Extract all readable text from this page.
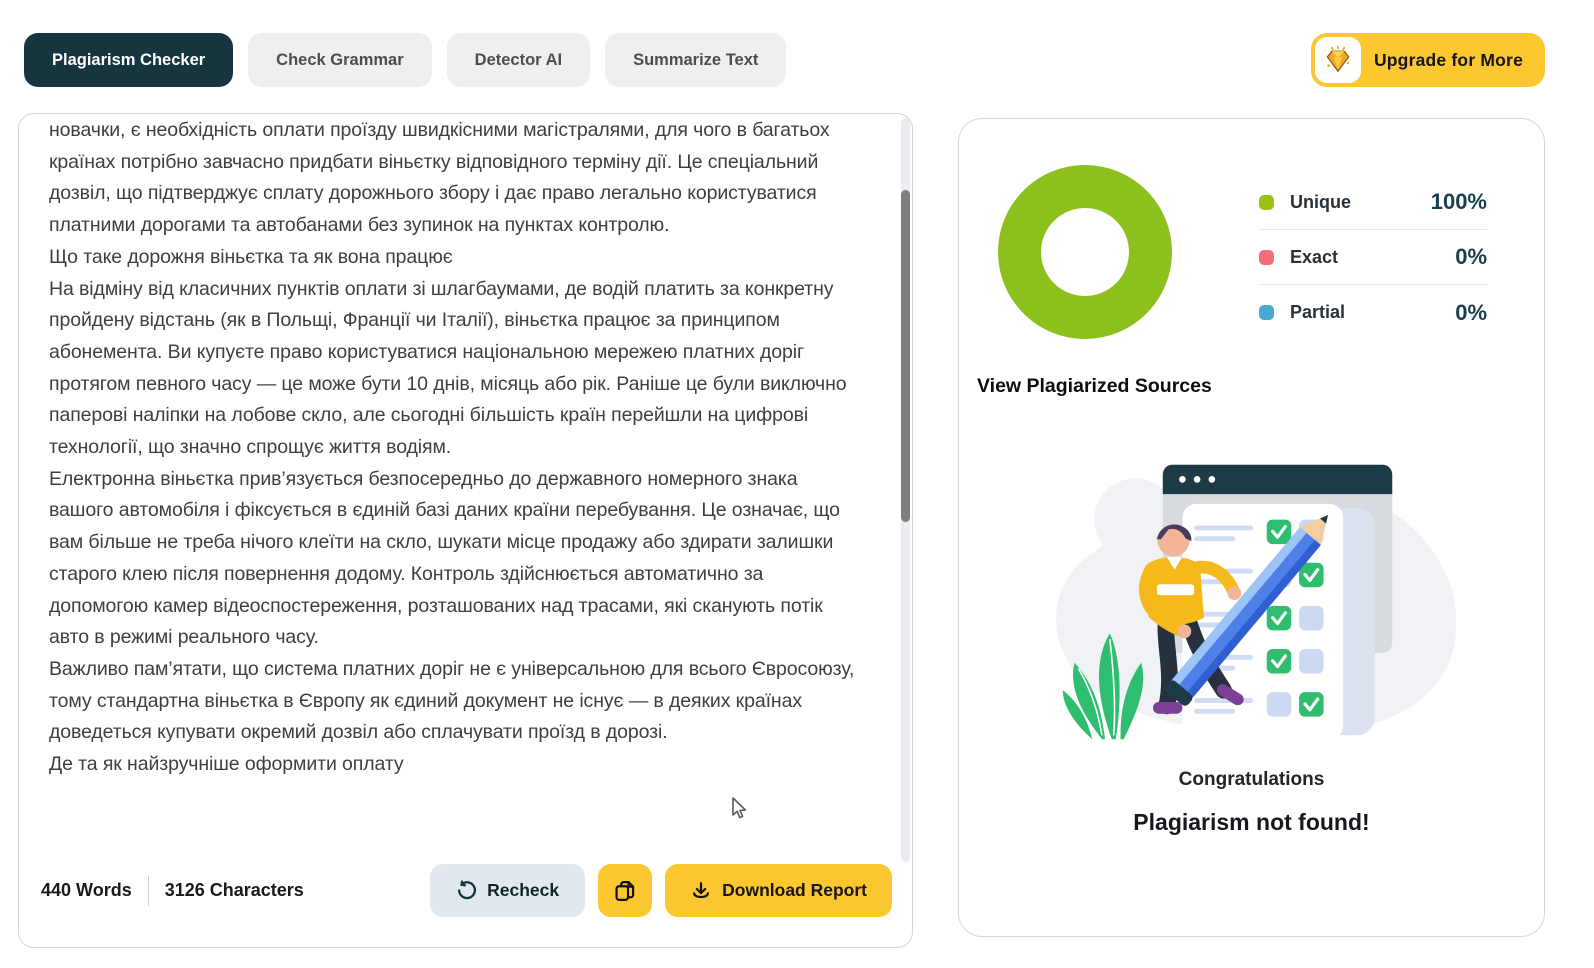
Plagiarism Checker	Check Grammar	Detector AI	Summarize Text	Upgrade for More

новачки, є необхідність оплати проїзду швидкісними магістралями, для чого в багатьох країнах потрібно завчасно придбати віньєтку відповідного терміну дії. Це спеціальний дозвіл, що підтверджує сплату дорожнього збору і дає право легально користуватися платними дорогами та автобанами без зупинок на пунктах контролю.

Що таке дорожня віньєтка та як вона працює

На відміну від класичних пунктів оплати зі шлагбаумами, де водій платить за конкретну пройдену відстань (як в Польщі, Франції чи Італії), віньєтка працює за принципом абонемента. Ви купуєте право користуватися національною мережею платних доріг протягом певного часу — це може бути 10 днів, місяць або рік. Раніше це були виключно паперові наліпки на лобове скло, але сьогодні більшість країн перейшли на цифрові технології, що значно спрощує життя водіям.

Електронна віньєтка прив’язується безпосередньо до державного номерного знака вашого автомобіля і фіксується в єдиній базі даних країни перебування. Це означає, що вам більше не треба нічого клеїти на скло, шукати місце продажу або здирати залишки старого клею після повернення додому. Контроль здійснюється автоматично за допомогою камер відеоспостереження, розташованих над трасами, які сканують потік авто в режимі реального часу.

Важливо пам’ятати, що система платних доріг не є універсальною для всього Євросоюзу, тому стандартна віньєтка в Європу як єдиний документ не існує — в деяких країнах доведеться купувати окремий дозвіл або сплачувати проїзд в дорозі.

Де та як найзручніше оформити оплату

440 Words 3126 Characters	Recheck	Download Report
Unique	100%
Exact	0%
Partial	0%
View Plagiarized Sources
Congratulations
Plagiarism not found!
